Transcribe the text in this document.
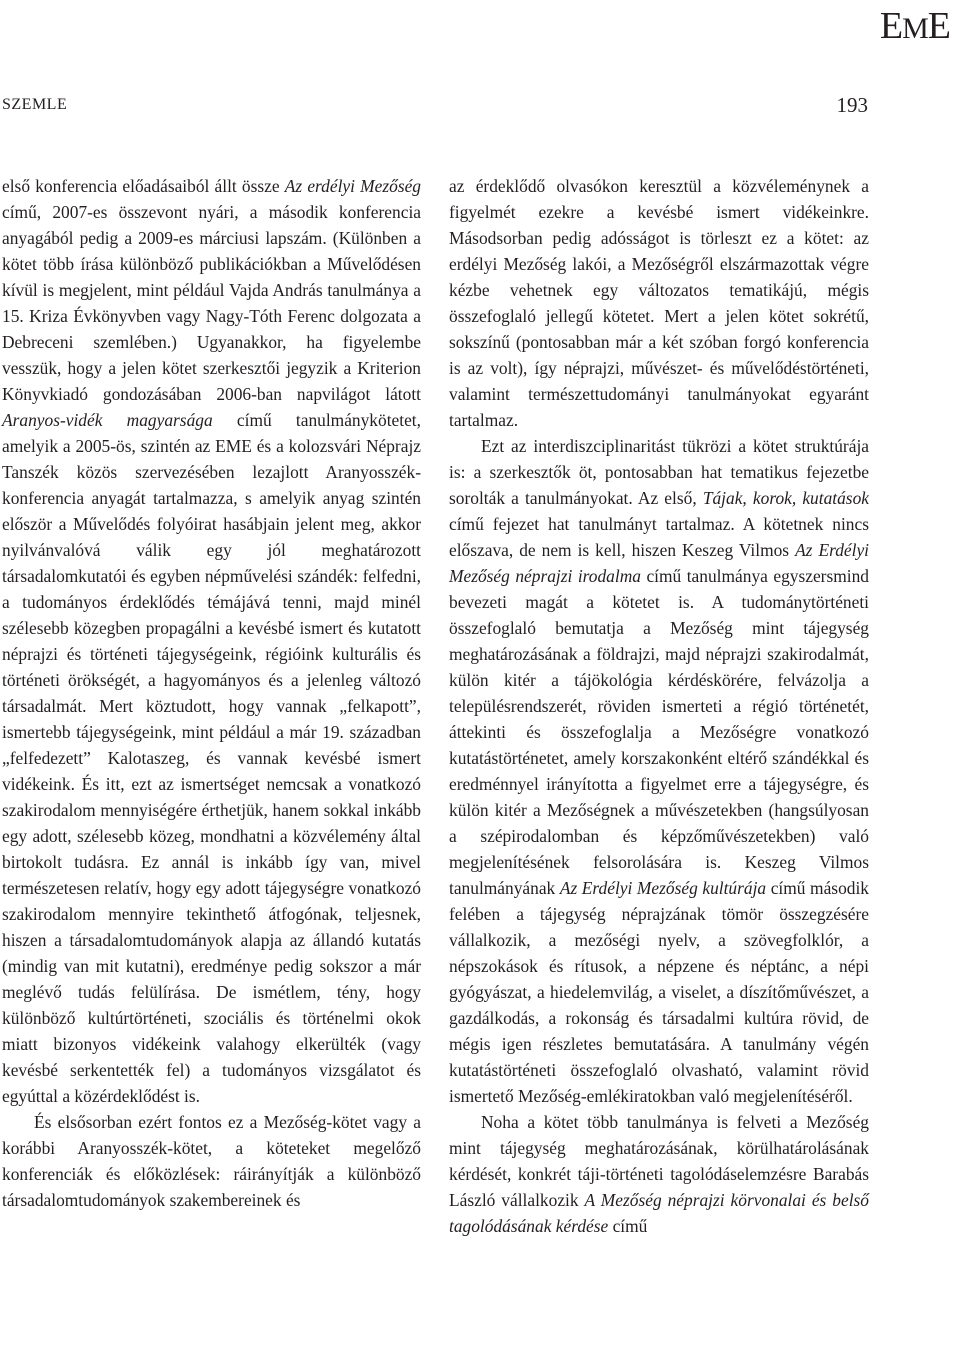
EME
SZEMLE	193

első konferencia előadásaiból állt össze Az erdélyi Mezőség című, 2007-es összevont nyári, a második konferencia anyagából pedig a 2009-es márciusi lapszám. (Különben a kötet több írása különböző publikációkban a Művelődésen kívül is megjelent, mint például Vajda András tanulmánya a 15. Kriza Évkönyvben vagy Nagy-Tóth Ferenc dolgozata a Debreceni szemlében.) Ugyanakkor, ha figyelembe vesszük, hogy a jelen kötet szerkesztői jegyzik a Kriterion Könyvkiadó gondozásában 2006-ban napvilágot látott Aranyos-vidék magyarsága című tanulmánykötetet, amelyik a 2005-ös, szintén az EME és a kolozsvári Néprajz Tanszék közös szervezésében lezajlott Aranyosszék-konferencia anyagát tartalmazza, s amelyik anyag szintén először a Művelődés folyóirat hasábjain jelent meg, akkor nyilvánvalóvá válik egy jól meghatározott társadalomkutatói és egyben népművelési szándék: felfedni, a tudományos érdeklődés témájává tenni, majd minél szélesebb közegben propagálni a kevésbé ismert és kutatott néprajzi és történeti tájegységeink, régióink kulturális és történeti örökségét, a hagyományos és a jelenleg változó társadalmát. Mert köztudott, hogy vannak „felkapott”, ismertebb tájegységeink, mint például a már 19. században „felfedezett” Kalotaszeg, és vannak kevésbé ismert vidékeink. És itt, ezt az ismertséget nemcsak a vonatkozó szakirodalom mennyiségére érthetjük, hanem sokkal inkább egy adott, szélesebb közeg, mondhatni a közvélemény által birtokolt tudásra. Ez annál is inkább így van, mivel természetesen relatív, hogy egy adott tájegységre vonatkozó szakirodalom mennyire tekinthető átfogónak, teljesnek, hiszen a társadalomtudományok alapja az állandó kutatás (mindig van mit kutatni), eredménye pedig sokszor a már meglévő tudás felülírása. De ismétlem, tény, hogy különböző kultúrtörténeti, szociális és történelmi okok miatt bizonyos vidékeink valahogy elkerülték (vagy kevésbé serkentették fel) a tudományos vizsgálatot és egyúttal a közérdeklődést is.

És elsősorban ezért fontos ez a Mezőség-kötet vagy a korábbi Aranyosszék-kötet, a köteteket megelőző konferenciák és előközlések: ráirányítják a különböző társadalomtudományok szakembereinek és

az érdeklődő olvasókon keresztül a közvéleménynek a figyelmét ezekre a kevésbé ismert vidékeinkre. Másodsorban pedig adósságot is törleszt ez a kötet: az erdélyi Mezőség lakói, a Mezőségről elszármazottak végre kézbe vehetnek egy változatos tematikájú, mégis összefoglaló jellegű kötetet. Mert a jelen kötet sokrétű, sokszínű (pontosabban már a két szóban forgó konferencia is az volt), így néprajzi, művészet- és művelődéstörténeti, valamint természettudományi tanulmányokat egyaránt tartalmaz.

Ezt az interdiszciplinaritást tükrözi a kötet struktúrája is: a szerkesztők öt, pontosabban hat tematikus fejezetbe sorolták a tanulmányokat. Az első, Tájak, korok, kutatások című fejezet hat tanulmányt tartalmaz. A kötetnek nincs előszava, de nem is kell, hiszen Keszeg Vilmos Az Erdélyi Mezőség néprajzi irodalma című tanulmánya egyszersmind bevezeti magát a kötetet is. A tudománytörténeti összefoglaló bemutatja a Mezőség mint tájegység meghatározásának a földrajzi, majd néprajzi szakirodalmát, külön kitér a tájökológia kérdéskörére, felvázolja a településrendszerét, röviden ismerteti a régió történetét, áttekinti és összefoglalja a Mezőségre vonatkozó kutatástörténetet, amely korszakonként eltérő szándékkal és eredménnyel irányította a figyelmet erre a tájegységre, és külön kitér a Mezőségnek a művészetekben (hangsúlyosan a szépirodalomban és képzőművészetekben) való megjelenítésének felsorolására is. Keszeg Vilmos tanulmányának Az Erdélyi Mezőség kultúrája című második felében a tájegység néprajzának tömör összegzésére vállalkozik, a mezőségi nyelv, a szövegfolklór, a népszokások és rítusok, a népzene és néptánc, a népi gyógyászat, a hiedelemvilág, a viselet, a díszítőművészet, a gazdálkodás, a rokonság és társadalmi kultúra rövid, de mégis igen részletes bemutatására. A tanulmány végén kutatástörténeti összefoglaló olvasható, valamint rövid ismertető Mezőség-emlékiratokban való megjelenítéséről.

Noha a kötet több tanulmánya is felveti a Mezőség mint tájegység meghatározásának, körülhatárolásának kérdését, konkrét táji-történeti tagolódáselemzésre Barabás László vállalkozik A Mezőség néprajzi körvonalai és belső tagolódásának kérdése című
